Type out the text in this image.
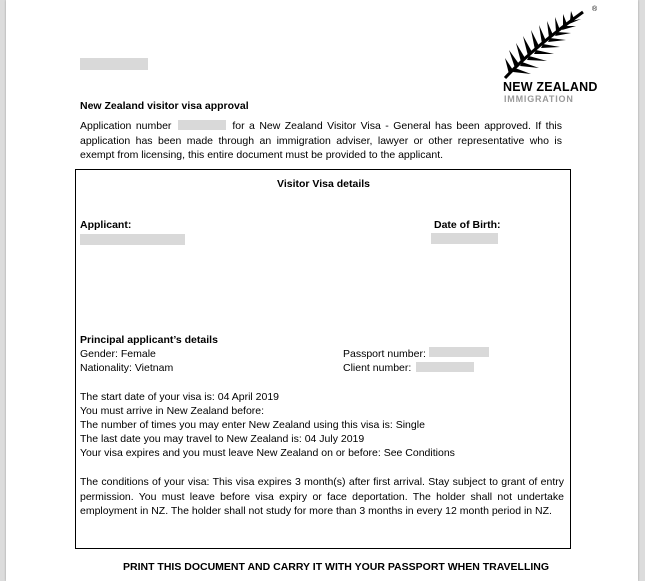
®
NEW ZEALAND
IMMIGRATION
New Zealand visitor visa approval
Application number	for a New Zealand Visitor Visa - General has been approved. If this application has been made through an immigration adviser, lawyer or other representative who is exempt from licensing, this entire document must be provided to the applicant.
Visitor Visa details
Applicant:	Date of Birth:
Principal applicant’s details
Gender: Female
Nationality: Vietnam
Passport number:
Client number:
The start date of your visa is: 04 April 2019
You must arrive in New Zealand before:
The number of times you may enter New Zealand using this visa is: Single
The last date you may travel to New Zealand is: 04 July 2019
Your visa expires and you must leave New Zealand on or before: See Conditions
The conditions of your visa: This visa expires 3 month(s) after first arrival. Stay subject to grant of entry permission. You must leave before visa expiry or face deportation. The holder shall not undertake employment in NZ. The holder shall not study for more than 3 months in every 12 month period in NZ.
PRINT THIS DOCUMENT AND CARRY IT WITH YOUR PASSPORT WHEN TRAVELLING
